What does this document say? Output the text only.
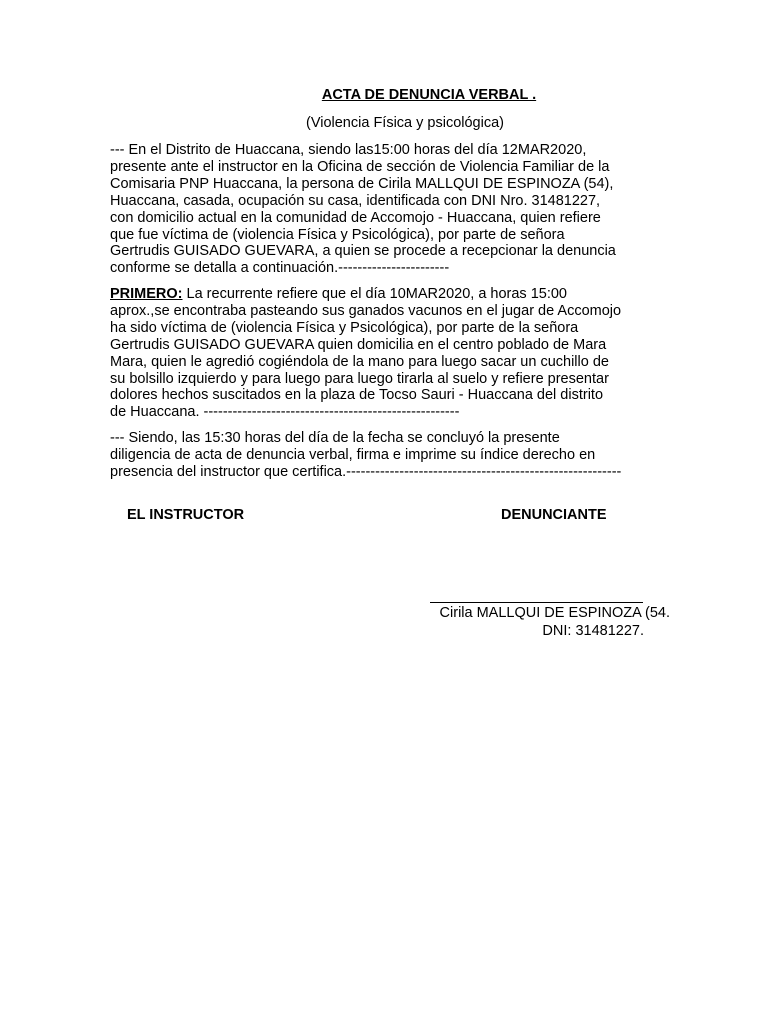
ACTA DE DENUNCIA VERBAL .

(Violencia Física y psicológica)

--- En el Distrito de Huaccana, siendo las15:00 horas del día 12MAR2020,
presente ante el instructor en la Oficina de sección de Violencia Familiar de la
Comisaria PNP Huaccana, la persona de Cirila MALLQUI DE ESPINOZA (54),
Huaccana, casada, ocupación su casa, identificada con DNI Nro. 31481227,
con domicilio actual en la comunidad de Accomojo - Huaccana, quien refiere
que fue víctima de (violencia Física y Psicológica), por parte de señora
Gertrudis GUISADO GUEVARA, a quien se procede a recepcionar la denuncia
conforme se detalla a continuación.-----------------------

PRIMERO: La recurrente refiere que el día 10MAR2020, a horas 15:00
aprox.,se encontraba pasteando sus ganados vacunos en el jugar de Accomojo
ha sido víctima de (violencia Física y Psicológica), por parte de la señora
Gertrudis GUISADO GUEVARA quien domicilia en el centro poblado de Mara
Mara, quien le agredió cogiéndola de la mano para luego sacar un cuchillo de
su bolsillo izquierdo y para luego para luego tirarla al suelo y refiere presentar
dolores hechos suscitados en la plaza de Tocso Sauri - Huaccana del distrito
de Huaccana. -----------------------------------------------------

--- Siendo, las 15:30 horas del día de la fecha se concluyó la presente
diligencia de acta de denuncia verbal, firma e imprime su índice derecho en
presencia del instructor que certifica.---------------------------------------------------------

EL INSTRUCTOR	DENUNCIANTE

Cirila MALLQUI DE ESPINOZA (54.

DNI: 31481227.
